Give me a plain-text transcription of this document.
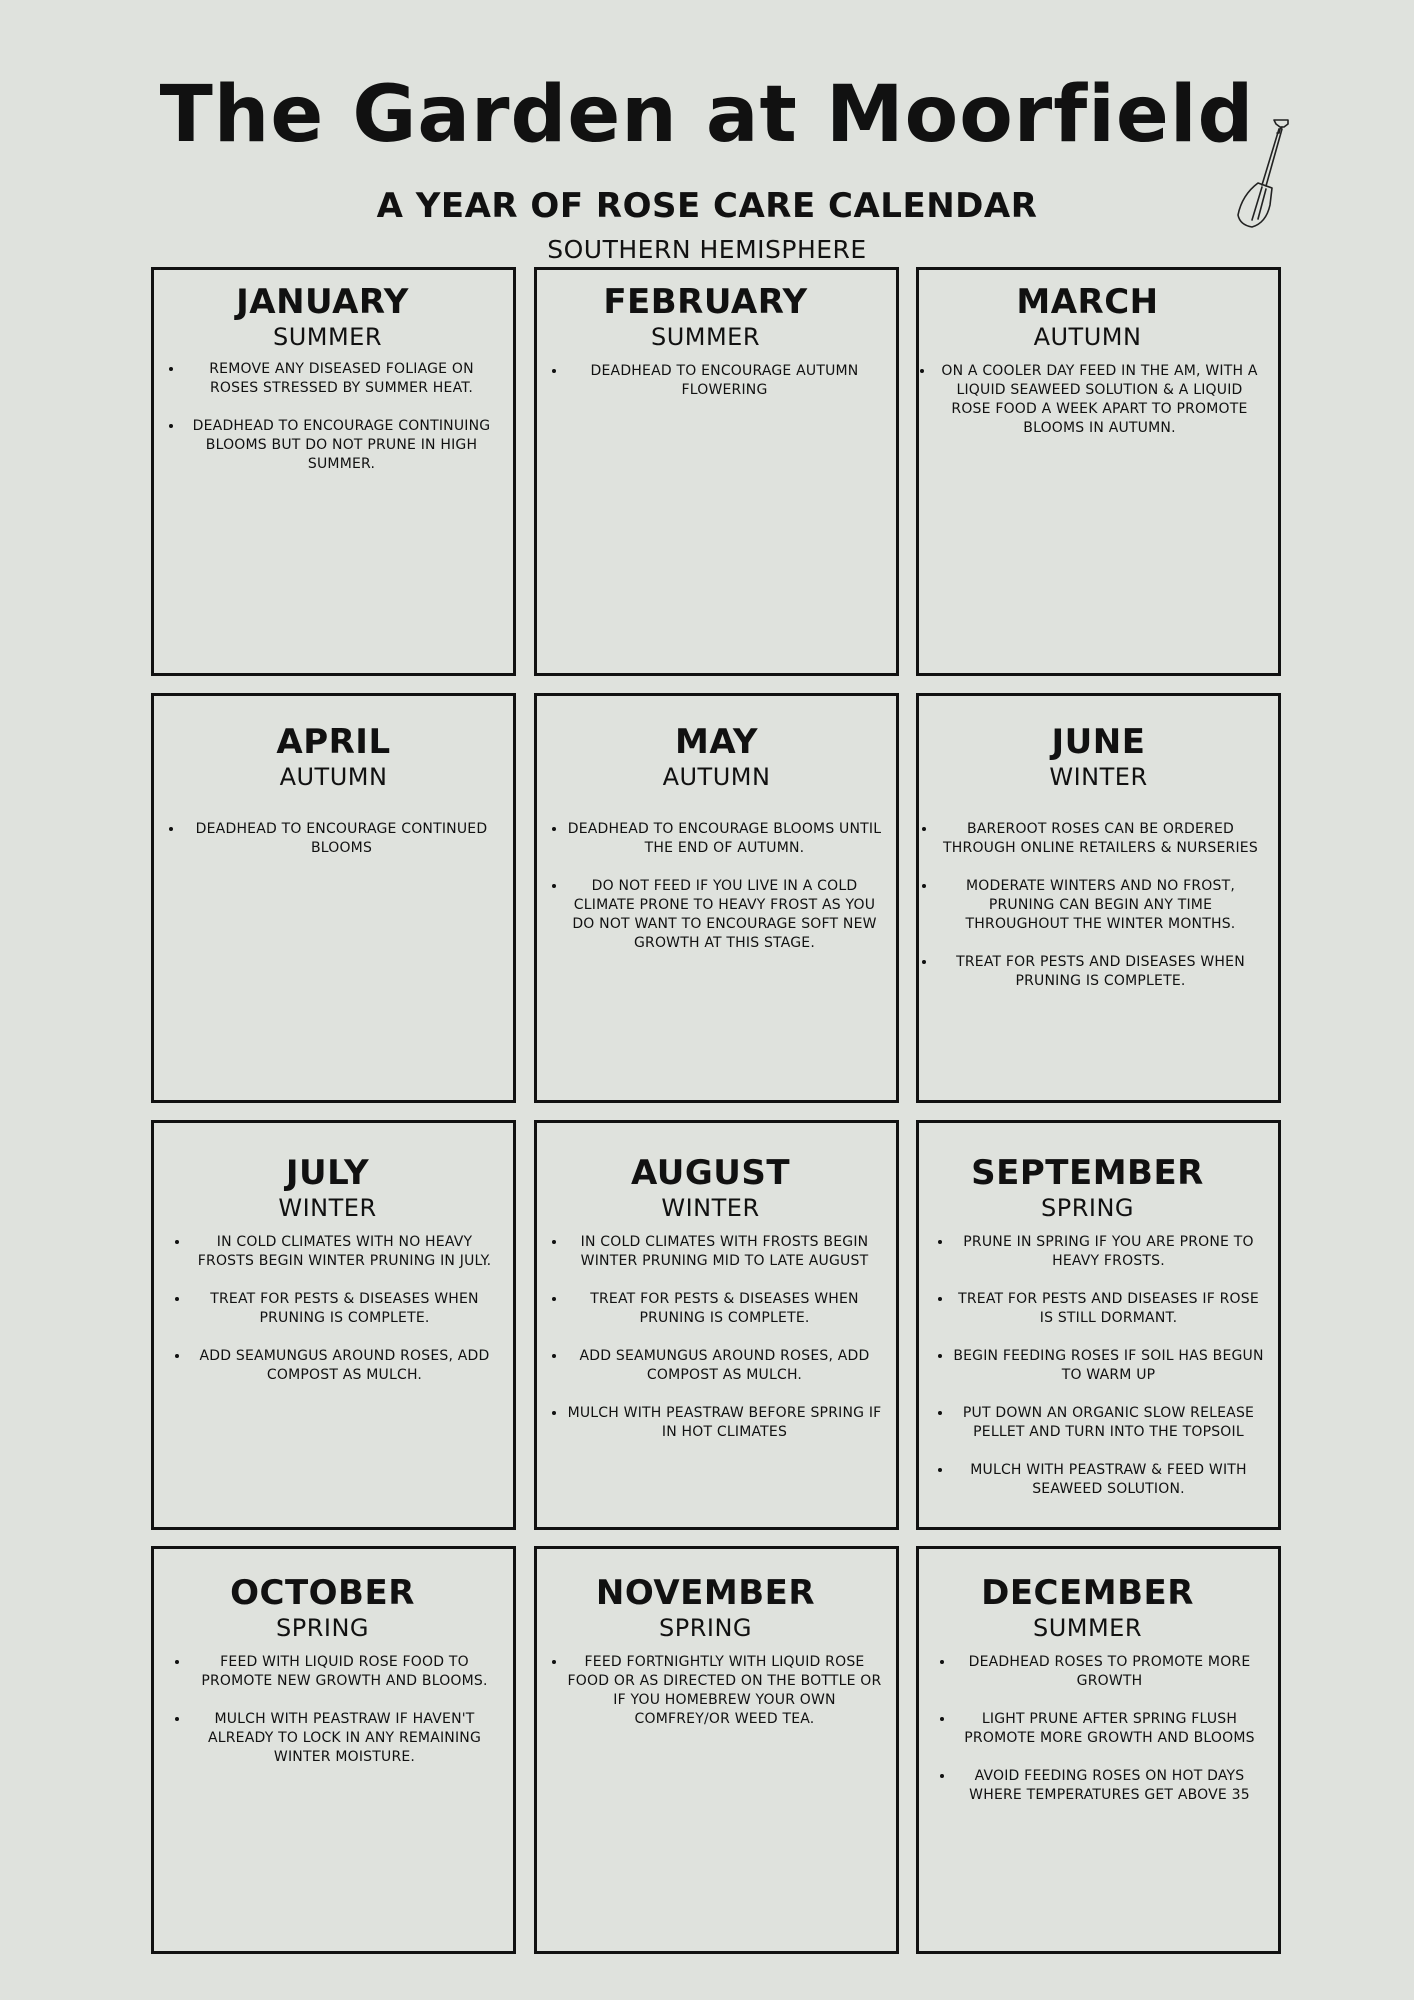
The Garden at Moorfield
A YEAR OF ROSE CARE CALENDAR
SOUTHERN HEMISPHERE
JANUARY
SUMMER
• REMOVE ANY DISEASED FOLIAGE ON ROSES STRESSED BY SUMMER HEAT.
• DEADHEAD TO ENCOURAGE CONTINUING BLOOMS BUT DO NOT PRUNE IN HIGH SUMMER.
FEBRUARY
SUMMER
• DEADHEAD TO ENCOURAGE AUTUMN FLOWERING
MARCH
AUTUMN
• ON A COOLER DAY FEED IN THE AM, WITH A LIQUID SEAWEED SOLUTION & A LIQUID ROSE FOOD A WEEK APART TO PROMOTE BLOOMS IN AUTUMN.
APRIL
AUTUMN
• DEADHEAD TO ENCOURAGE CONTINUED BLOOMS
MAY
AUTUMN
• DEADHEAD TO ENCOURAGE BLOOMS UNTIL THE END OF AUTUMN.
• DO NOT FEED IF YOU LIVE IN A COLD CLIMATE PRONE TO HEAVY FROST AS YOU DO NOT WANT TO ENCOURAGE SOFT NEW GROWTH AT THIS STAGE.
JUNE
WINTER
• BAREROOT ROSES CAN BE ORDERED THROUGH ONLINE RETAILERS & NURSERIES
• MODERATE WINTERS AND NO FROST, PRUNING CAN BEGIN ANY TIME THROUGHOUT THE WINTER MONTHS.
• TREAT FOR PESTS AND DISEASES WHEN PRUNING IS COMPLETE.
JULY
WINTER
• IN COLD CLIMATES WITH NO HEAVY FROSTS BEGIN WINTER PRUNING IN JULY.
• TREAT FOR PESTS & DISEASES WHEN PRUNING IS COMPLETE.
• ADD SEAMUNGUS AROUND ROSES, ADD COMPOST AS MULCH.
AUGUST
WINTER
• IN COLD CLIMATES WITH FROSTS BEGIN WINTER PRUNING MID TO LATE AUGUST
• TREAT FOR PESTS & DISEASES WHEN PRUNING IS COMPLETE.
• ADD SEAMUNGUS AROUND ROSES, ADD COMPOST AS MULCH.
• MULCH WITH PEASTRAW BEFORE SPRING IF IN HOT CLIMATES
SEPTEMBER
SPRING
• PRUNE IN SPRING IF YOU ARE PRONE TO HEAVY FROSTS.
• TREAT FOR PESTS AND DISEASES IF ROSE IS STILL DORMANT.
• BEGIN FEEDING ROSES IF SOIL HAS BEGUN TO WARM UP
• PUT DOWN AN ORGANIC SLOW RELEASE PELLET AND TURN INTO THE TOPSOIL
• MULCH WITH PEASTRAW & FEED WITH SEAWEED SOLUTION.
OCTOBER
SPRING
• FEED WITH LIQUID ROSE FOOD TO PROMOTE NEW GROWTH AND BLOOMS.
• MULCH WITH PEASTRAW IF HAVEN'T ALREADY TO LOCK IN ANY REMAINING WINTER MOISTURE.
NOVEMBER
SPRING
• FEED FORTNIGHTLY WITH LIQUID ROSE FOOD OR AS DIRECTED ON THE BOTTLE OR IF YOU HOMEBREW YOUR OWN COMFREY/OR WEED TEA.
DECEMBER
SUMMER
• DEADHEAD ROSES TO PROMOTE MORE GROWTH
• LIGHT PRUNE AFTER SPRING FLUSH PROMOTE MORE GROWTH AND BLOOMS
• AVOID FEEDING ROSES ON HOT DAYS WHERE TEMPERATURES GET ABOVE 35
